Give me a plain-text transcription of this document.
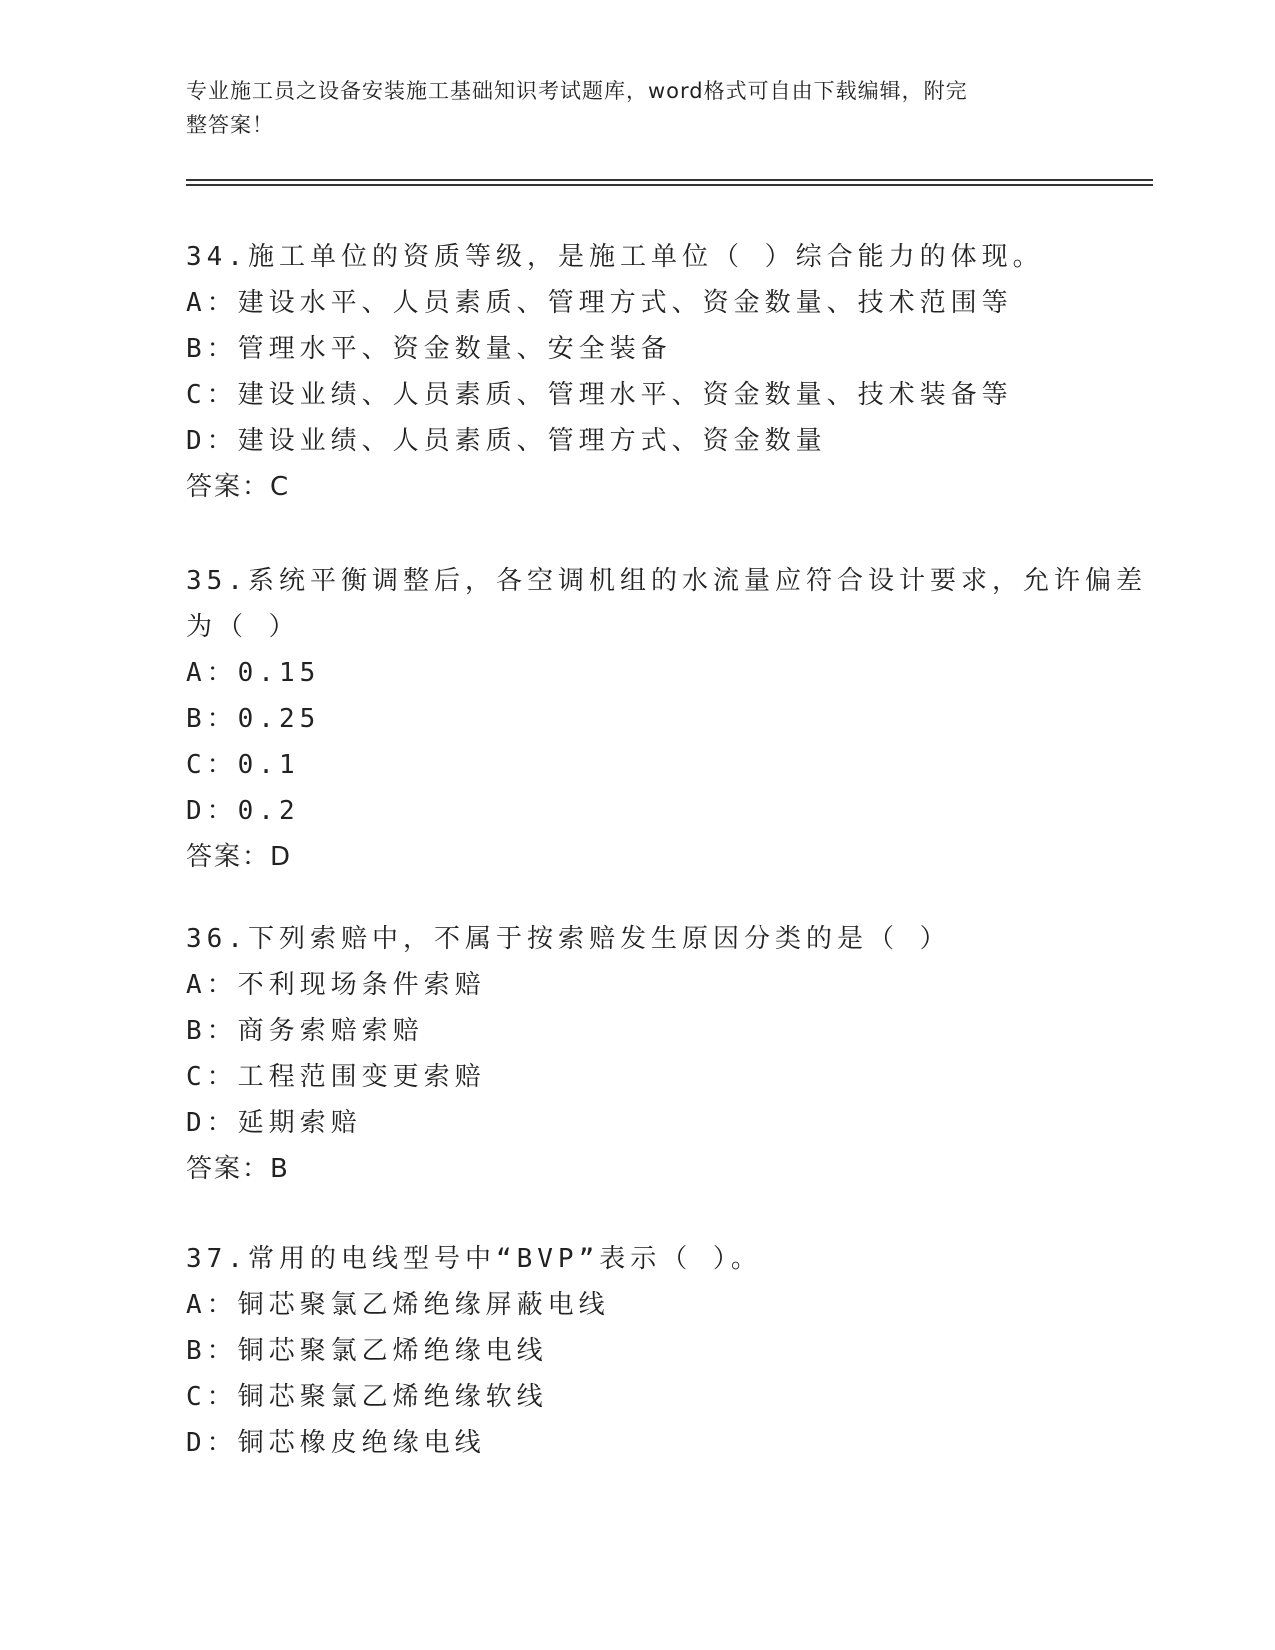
专业施工员之设备安装施工基础知识考试题库，word格式可自由下载编辑，附完
整答案！
34.施工单位的资质等级，是施工单位（ ）综合能力的体现。
A：建设水平、人员素质、管理方式、资金数量、技术范围等
B：管理水平、资金数量、安全装备
C：建设业绩、人员素质、管理水平、资金数量、技术装备等
D：建设业绩、人员素质、管理方式、资金数量
答案：C
35.系统平衡调整后，各空调机组的水流量应符合设计要求，允许偏差
为（ ）
A：0.15
B：0.25
C：0.1
D：0.2
答案：D
36.下列索赔中，不属于按索赔发生原因分类的是（ ）
A：不利现场条件索赔
B：商务索赔索赔
C：工程范围变更索赔
D：延期索赔
答案：B
37.常用的电线型号中“BVP”表示（ ）。
A：铜芯聚氯乙烯绝缘屏蔽电线
B：铜芯聚氯乙烯绝缘电线
C：铜芯聚氯乙烯绝缘软线
D：铜芯橡皮绝缘电线
